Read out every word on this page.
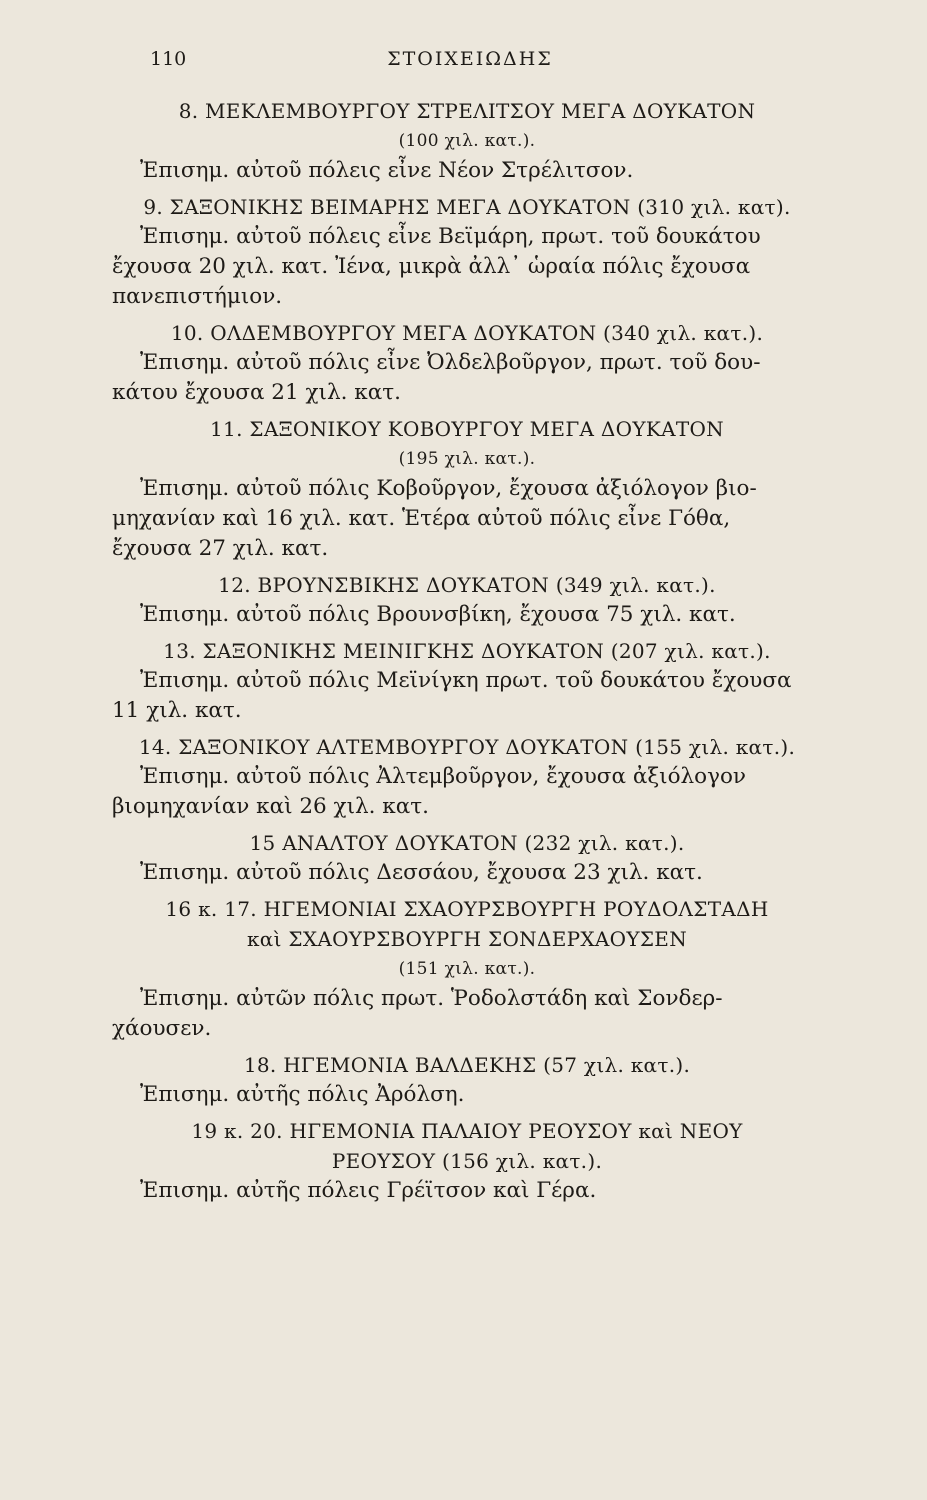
110	ΣΤΟΙΧΕΙΩΔΗΣ
8. ΜΕΚΛΕΜΒΟΥΡΓΟΥ ΣΤΡΕΛΙΤΣΟΥ ΜΕΓΑ ΔΟΥΚΑΤΟΝ
(100 χιλ. κατ.).
Ἐπισημ. αὐτοῦ πόλεις εἶνε Νέον Στρέλιτσον.
9. ΣΑΞΟΝΙΚΗΣ ΒΕΙΜΑΡΗΣ ΜΕΓΑ ΔΟΥΚΑΤΟΝ (310 χιλ. κατ).
Ἐπισημ. αὐτοῦ πόλεις εἶνε Βεϊμάρη, πρωτ. τοῦ δουκάτου
ἔχουσα 20 χιλ. κατ. Ἰένα, μικρὰ ἀλλ᾽ ὡραία πόλις ἔχουσα
πανεπιστήμιον.
10. ΟΛΔΕΜΒΟΥΡΓΟΥ ΜΕΓΑ ΔΟΥΚΑΤΟΝ (340 χιλ. κατ.).
Ἐπισημ. αὐτοῦ πόλις εἶνε Ὀλδελβοῦργον, πρωτ. τοῦ δου-
κάτου ἔχουσα 21 χιλ. κατ.
11. ΣΑΞΟΝΙΚΟΥ ΚΟΒΟΥΡΓΟΥ ΜΕΓΑ ΔΟΥΚΑΤΟΝ
(195 χιλ. κατ.).
Ἐπισημ. αὐτοῦ πόλις Κοβοῦργον, ἔχουσα ἀξιόλογον βιο-
μηχανίαν καὶ 16 χιλ. κατ. Ἑτέρα αὐτοῦ πόλις εἶνε Γόθα,
ἔχουσα 27 χιλ. κατ.
12. ΒΡΟΥΝΣΒΙΚΗΣ ΔΟΥΚΑΤΟΝ (349 χιλ. κατ.).
Ἐπισημ. αὐτοῦ πόλις Βρουνσβίκη, ἔχουσα 75 χιλ. κατ.
13. ΣΑΞΟΝΙΚΗΣ ΜΕΙΝΙΓΚΗΣ ΔΟΥΚΑΤΟΝ (207 χιλ. κατ.).
Ἐπισημ. αὐτοῦ πόλις Μεϊνίγκη πρωτ. τοῦ δουκάτου ἔχουσα
11 χιλ. κατ.
14. ΣΑΞΟΝΙΚΟΥ ΑΛΤΕΜΒΟΥΡΓΟΥ ΔΟΥΚΑΤΟΝ (155 χιλ. κατ.).
Ἐπισημ. αὐτοῦ πόλις Ἀλτεμβοῦργον, ἔχουσα ἀξιόλογον
βιομηχανίαν καὶ 26 χιλ. κατ.
15 ΑΝΑΛΤΟΥ ΔΟΥΚΑΤΟΝ (232 χιλ. κατ.).
Ἐπισημ. αὐτοῦ πόλις Δεσσάου, ἔχουσα 23 χιλ. κατ.
16 κ. 17. ΗΓΕΜΟΝΙΑΙ ΣΧΑΟΥΡΣΒΟΥΡΓΗ ΡΟΥΔΟΛΣΤΑΔΗ
καὶ ΣΧΑΟΥΡΣΒΟΥΡΓΗ ΣΟΝΔΕΡΧΑΟΥΣΕΝ
(151 χιλ. κατ.).
Ἐπισημ. αὐτῶν πόλις πρωτ. Ῥοδολστάδη καὶ Σονδερ-
χάουσεν.
18. ΗΓΕΜΟΝΙΑ ΒΑΛΔΕΚΗΣ (57 χιλ. κατ.).
Ἐπισημ. αὐτῆς πόλις Ἀρόλση.
19 κ. 20. ΗΓΕΜΟΝΙΑ ΠΑΛΑΙΟΥ ΡΕΟΥΣΟΥ καὶ ΝΕΟΥ
ΡΕΟΥΣΟΥ (156 χιλ. κατ.).
Ἐπισημ. αὐτῆς πόλεις Γρέϊτσον καὶ Γέρα.
